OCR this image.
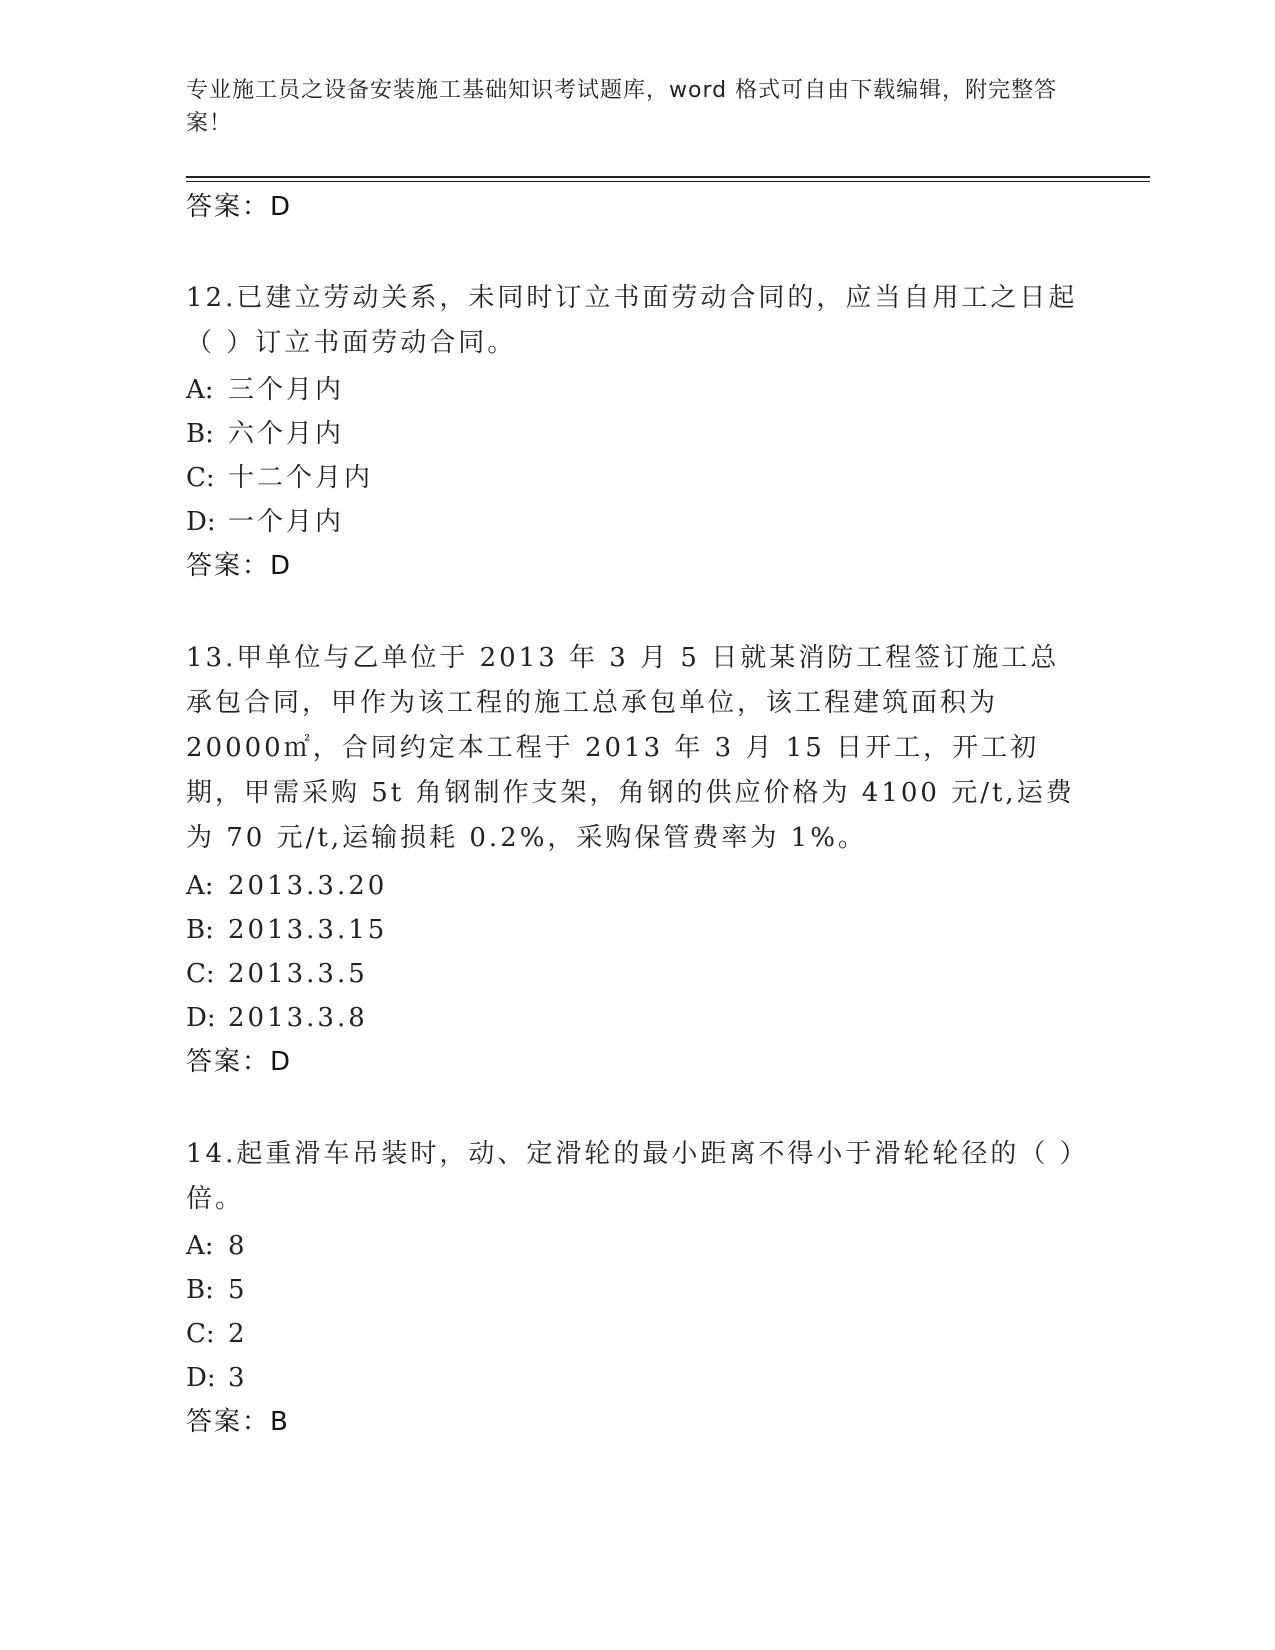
专业施工员之设备安装施工基础知识考试题库，word 格式可自由下载编辑，附完整答案！
答案：D
12.已建立劳动关系，未同时订立书面劳动合同的，应当自用工之日起（ ）订立书面劳动合同。
A: 三个月内
B: 六个月内
C: 十二个月内
D: 一个月内
答案：D
13.甲单位与乙单位于 2013 年 3 月 5 日就某消防工程签订施工总承包合同，甲作为该工程的施工总承包单位，该工程建筑面积为 20000㎡，合同约定本工程于 2013 年 3 月 15 日开工，开工初期，甲需采购 5t 角钢制作支架，角钢的供应价格为 4100 元/t,运费为 70 元/t,运输损耗 0.2%，采购保管费率为 1%。
A: 2013.3.20
B: 2013.3.15
C: 2013.3.5
D: 2013.3.8
答案：D
14.起重滑车吊装时，动、定滑轮的最小距离不得小于滑轮轮径的（ ）倍。
A: 8
B: 5
C: 2
D: 3
答案：B
